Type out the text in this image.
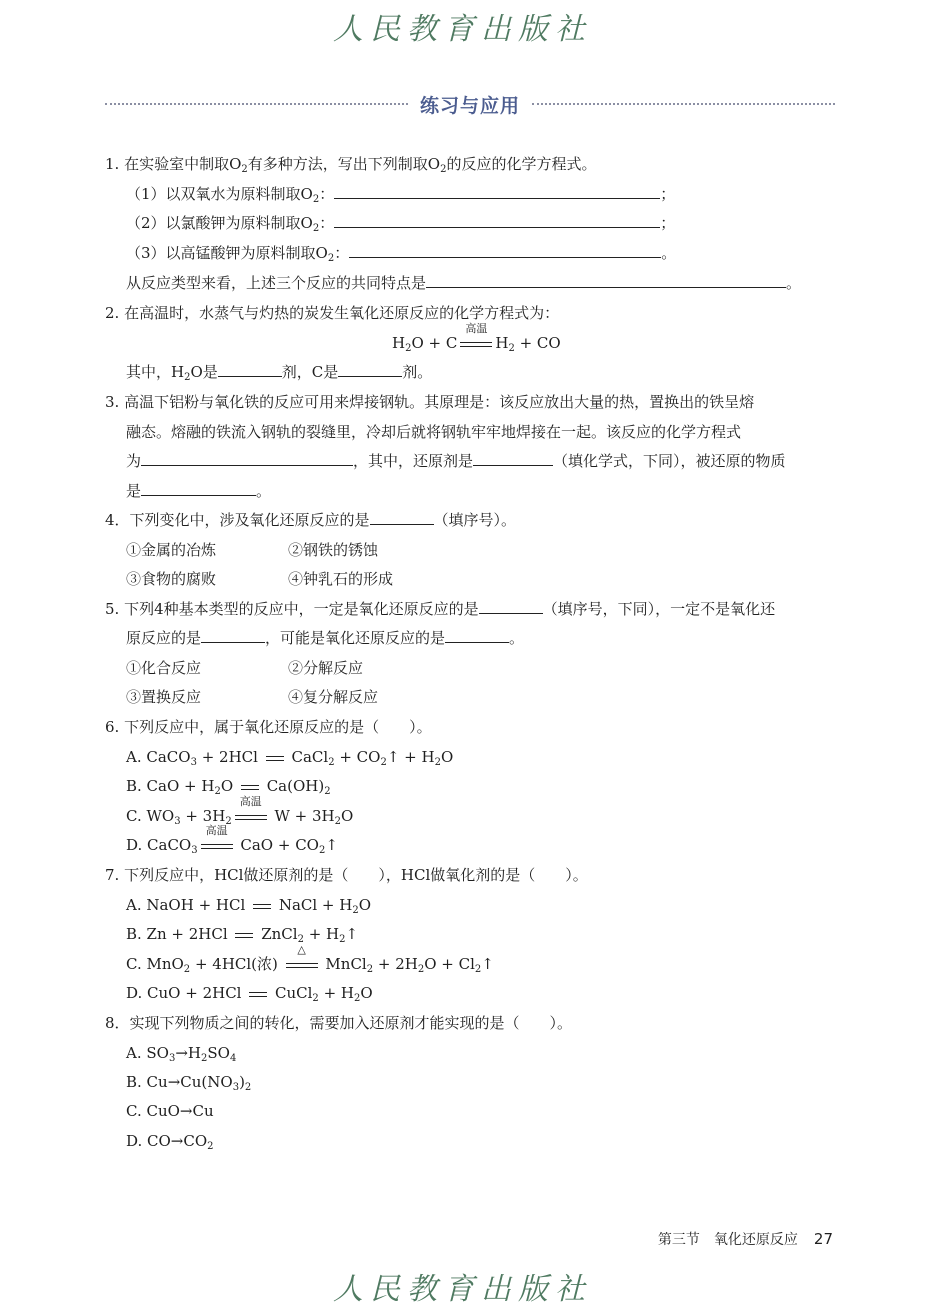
人民教育出版社
练习与应用
1. 在实验室中制取$O_2$有多种方法，写出下列制取$O_2$的反应的化学方程式。
（1）以双氧水为原料制取$O_2$：	；
（2）以氯酸钾为原料制取$O_2$：	；
（3）以高锰酸钾为原料制取$O_2$：	。
从反应类型来看，上述三个反应的共同特点是	。
2. 在高温时，水蒸气与灼热的炭发生氧化还原反应的化学方程式为：
$H_2O + C$
高温
$H_2$ + CO
其中，$H_2O$是	剂，C是	剂。
3. 高温下铝粉与氧化铁的反应可用来焊接钢轨。其原理是：该反应放出大量的热，置换出的铁呈熔
融态。熔融的铁流入钢轨的裂缝里，冷却后就将钢轨牢牢地焊接在一起。该反应的化学方程式
为	，其中，还原剂是	（填化学式，下同），被还原的物质
是	。
4．下列变化中，涉及氧化还原反应的是	（填序号）。
①金属的冶炼	②钢铁的锈蚀
③食物的腐败	④钟乳石的形成
5. 下列4种基本类型的反应中，一定是氧化还原反应的是	（填序号，下同），一定不是氧化还
原反应的是	，可能是氧化还原反应的是	。
①化合反应	②分解反应
③置换反应	④复分解反应
6. 下列反应中，属于氧化还原反应的是（　　）。
A. CaCO$_3$ + 2HCl  CaCl$_2$ + $CO_2↑ + H_2O$
B. CaO + $H_2O$  $Ca(OH)_2$
C. $WO_3 + 3H_2$
高温
$W + 3H_2O$
D. CaCO$_3$
高温
CaO + $CO_2↑$
7. 下列反应中，HCl做还原剂的是（　　），HCl做氧化剂的是（　　）。
A. NaOH + HCl  NaCl + $H_2O$
B. Zn + 2HCl  ZnCl$_2$ + $H_2↑$
C. MnO$_2$ + 4HCl(浓)
△
MnCl$_2$ + $2H_2O$ + $Cl_2↑$
D. CuO + 2HCl  CuCl$_2$ + $H_2O$
8．实现下列物质之间的转化，需要加入还原剂才能实现的是（　　）。
A. $SO_3\to H_2SO_4$
B. $Cu\to Cu(NO_3)_2$
C. CuO→Cu
D. $CO\to CO_2$
第三节　氧化还原反应 27
人民教育出版社
